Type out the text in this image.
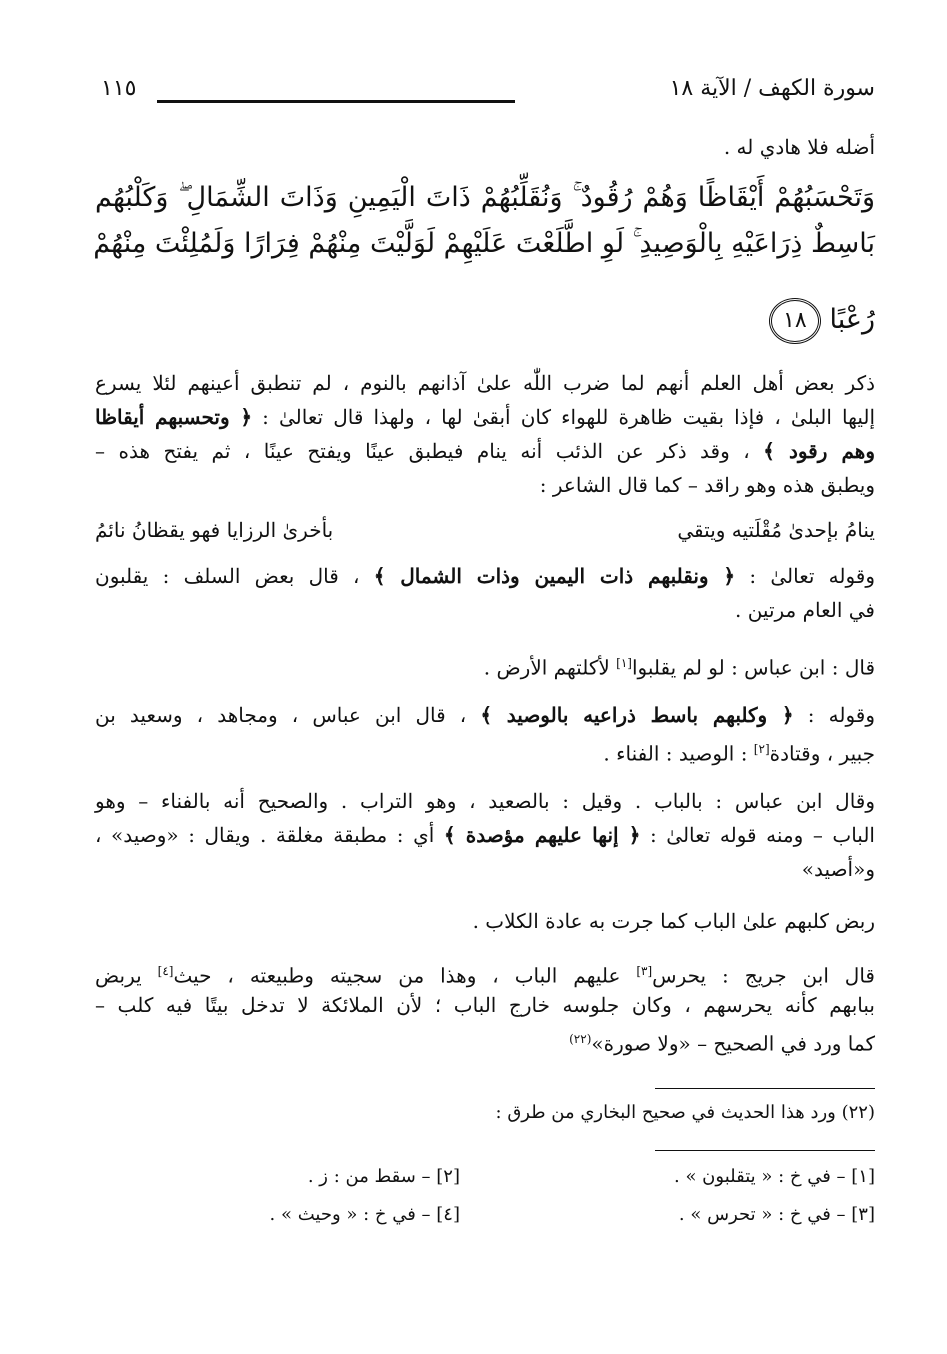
سورة الكهف / الآية ١٨
١١٥
أضله فلا هادي له .
وَتَحْسَبُهُمْ أَيْقَاظًا وَهُمْ رُقُودٌ ۚ وَنُقَلِّبُهُمْ ذَاتَ الْيَمِينِ وَذَاتَ الشِّمَالِ ۖ وَكَلْبُهُم
بَاسِطٌ ذِرَاعَيْهِ بِالْوَصِيدِ ۚ لَوِ اطَّلَعْتَ عَلَيْهِمْ لَوَلَّيْتَ مِنْهُمْ فِرَارًا وَلَمُلِئْتَ مِنْهُمْ
رُعْبًا ١٨
ذكر بعض أهل العلم أنهم لما ضرب اللّٰه علىٰ آذانهم بالنوم ، لم تنطبق أعينهم لئلا يسرع
إليها البلىٰ ، فإذا بقيت ظاهرة للهواء كان أبقىٰ لها ، ولهذا قال تعالىٰ : ﴿ وتحسبهم أيقاظا
وهم رقود ﴾ ، وقد ذكر عن الذئب أنه ينام فيطبق عينًا ويفتح عينًا ، ثم يفتح هذه –
ويطبق هذه وهو راقد – كما قال الشاعر :
ينامُ بإحدىٰ مُقْلَتيه ويتقي
بأخرىٰ الرزايا فهو يقظانُ نائمُ
وقوله تعالىٰ : ﴿ ونقلبهم ذات اليمين وذات الشمال ﴾ ، قال بعض السلف : يقلبون
في العام مرتين .
قال : ابن عباس : لو لم يقلبوا[١] لأكلتهم الأرض .
وقوله : ﴿ وكلبهم باسط ذراعيه بالوصيد ﴾ ، قال ابن عباس ، ومجاهد ، وسعيد بن
جبير ، وقتادة[٢] : الوصيد : الفناء .
وقال ابن عباس : بالباب . وقيل : بالصعيد ، وهو التراب . والصحيح أنه بالفناء – وهو
الباب – ومنه قوله تعالىٰ : ﴿ إنها عليهم مؤصدة ﴾ أي : مطبقة مغلقة . ويقال : «وصيد» ،
و«أصيد»
ربض كلبهم علىٰ الباب كما جرت به عادة الكلاب .
قال ابن جريج : يحرس[٣] عليهم الباب ، وهذا من سجيته وطبيعته ، حيث[٤] يربض
ببابهم كأنه يحرسهم ، وكان جلوسه خارج الباب ؛ لأن الملائكة لا تدخل بيتًا فيه كلب –
كما ورد في الصحيح – «ولا صورة»$^{(٢٢)}$
(٢٢) ورد هذا الحديث في صحيح البخاري من طرق :
[١] – في خ : « يتقلبون » .
[٢] – سقط من : ز .
[٣] – في خ : « تحرس » .
[٤] – في خ : « وحيث » .
